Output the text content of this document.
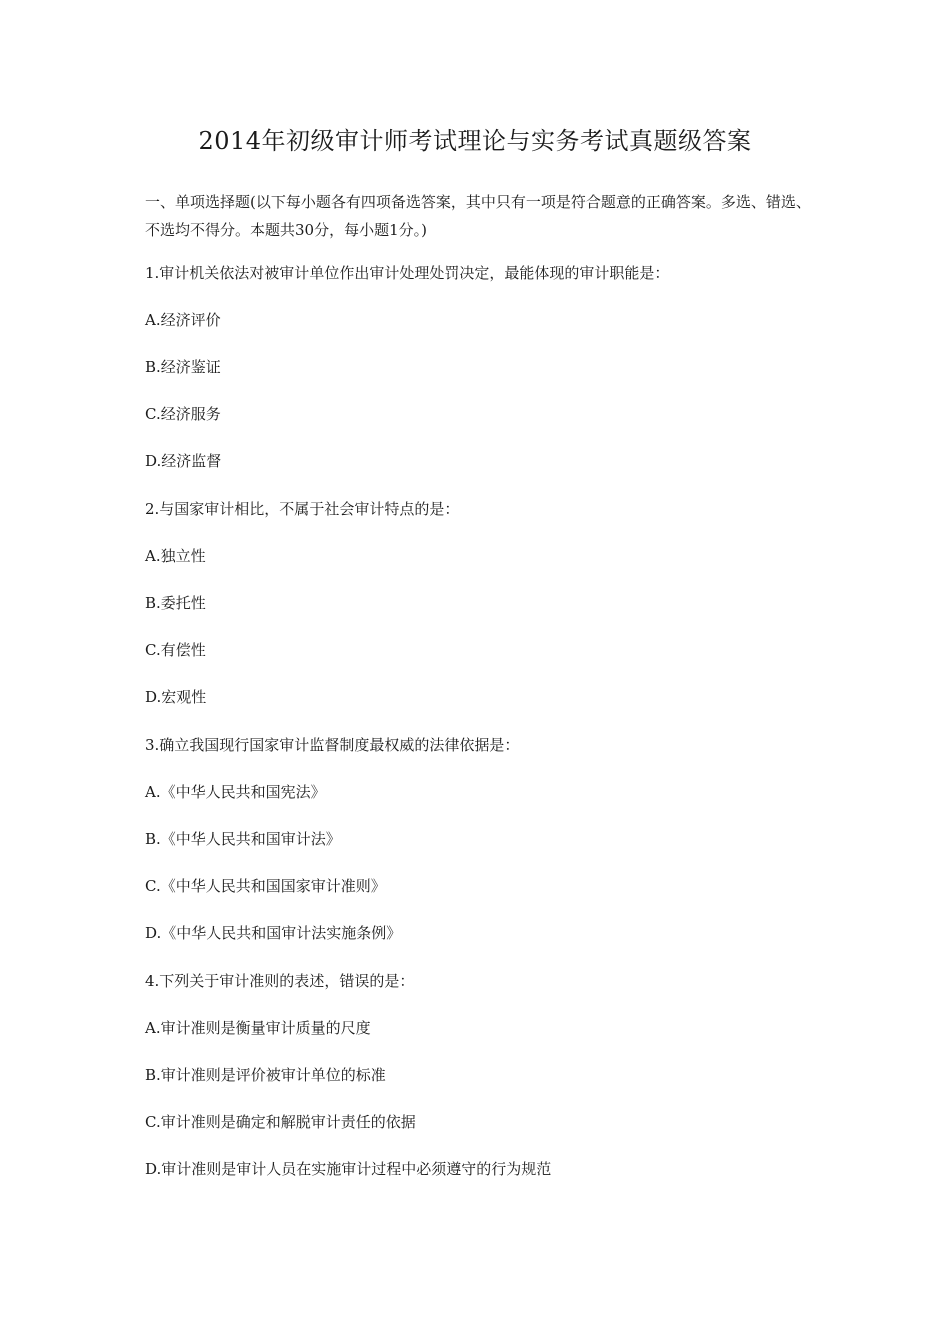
2014年初级审计师考试理论与实务考试真题级答案
一、单项选择题(以下每小题各有四项备选答案，其中只有一项是符合题意的正确答案。多选、错选、不选均不得分。本题共30分，每小题1分。)
1.审计机关依法对被审计单位作出审计处理处罚决定，最能体现的审计职能是：
A.经济评价
B.经济鉴证
C.经济服务
D.经济监督
2.与国家审计相比，不属于社会审计特点的是：
A.独立性
B.委托性
C.有偿性
D.宏观性
3.确立我国现行国家审计监督制度最权威的法律依据是：
A.《中华人民共和国宪法》
B.《中华人民共和国审计法》
C.《中华人民共和国国家审计准则》
D.《中华人民共和国审计法实施条例》
4.下列关于审计准则的表述，错误的是：
A.审计准则是衡量审计质量的尺度
B.审计准则是评价被审计单位的标准
C.审计准则是确定和解脱审计责任的依据
D.审计准则是审计人员在实施审计过程中必须遵守的行为规范
